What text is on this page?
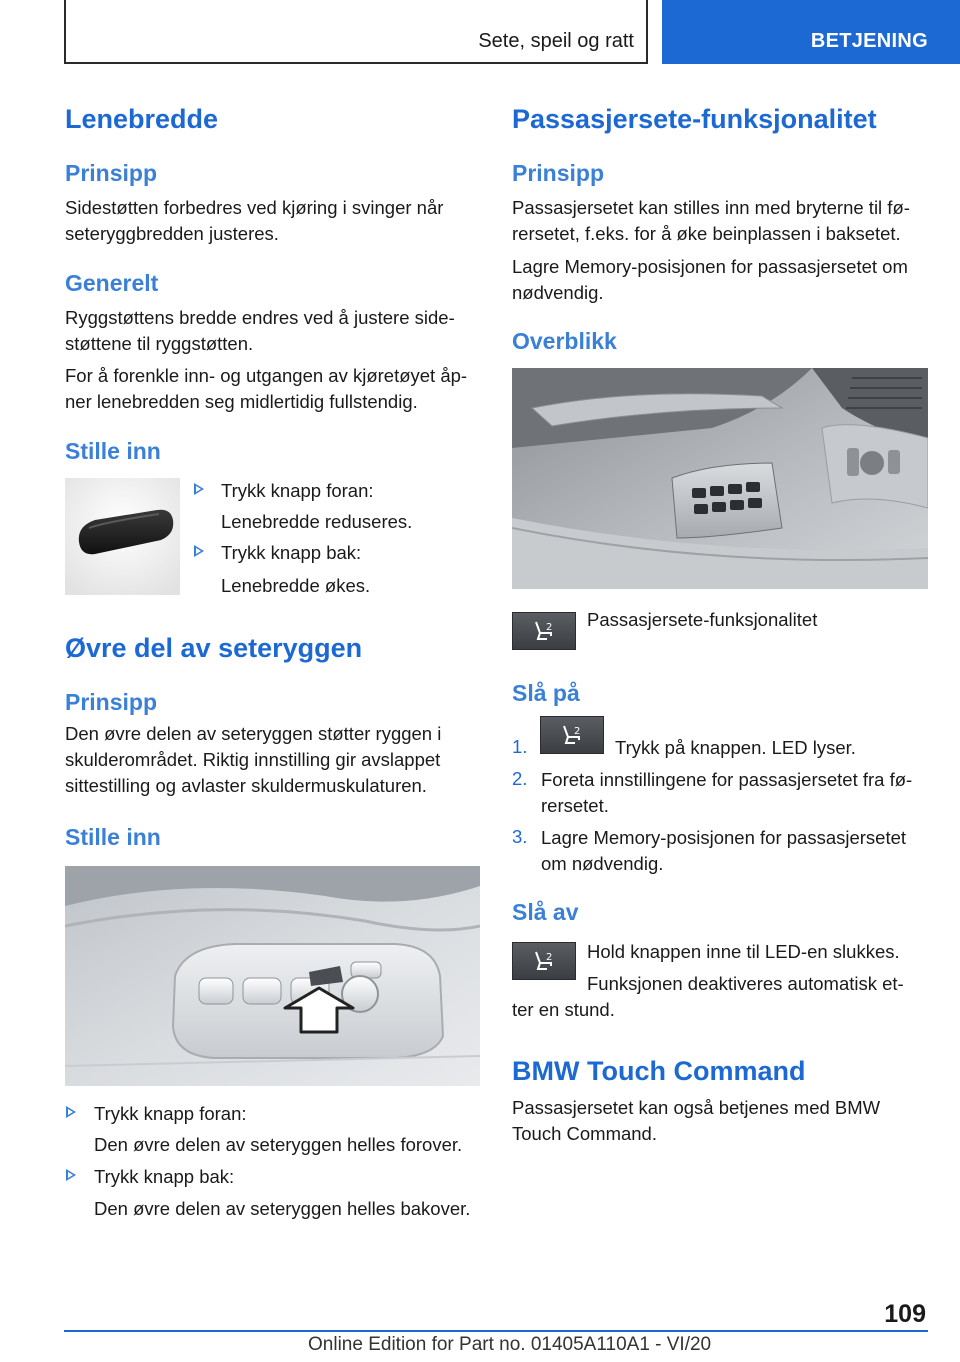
Sete, speil og ratt	BETJENING
Lenebredde
Prinsipp
Sidestøtten forbedres ved kjøring i svinger når
seteryggbredden justeres.
Generelt
Ryggstøttens bredde endres ved å justere side-
støttene til ryggstøtten.
For å forenkle inn- og utgangen av kjøretøyet åp-
ner lenebredden seg midlertidig fullstendig.
Stille inn
Trykk knapp foran:
Lenebredde reduseres.
Trykk knapp bak:
Lenebredde økes.
Øvre del av seteryggen
Prinsipp
Den øvre delen av seteryggen støtter ryggen i
skulderområdet. Riktig innstilling gir avslappet
sittestilling og avlaster skuldermuskulaturen.
Stille inn
Trykk knapp foran:
Den øvre delen av seteryggen helles forover.
Trykk knapp bak:
Den øvre delen av seteryggen helles bakover.
Passasjersete-funksjonalitet
Prinsipp
Passasjersetet kan stilles inn med bryterne til fø-
rersetet, f.eks. for å øke beinplassen i baksetet.
Lagre Memory-posisjonen for passasjersetet om
nødvendig.
Overblikk
2 Passasjersete-funksjonalitet
Slå på
1.
2
Trykk på knappen. LED lyser.
2. Foreta innstillingene for passasjersetet fra fø-
rersetet.
3. Lagre Memory-posisjonen for passasjersetet
om nødvendig.
Slå av
2 Hold knappen inne til LED-en slukkes.
Funksjonen deaktiveres automatisk et-
ter en stund.
BMW Touch Command
Passasjersetet kan også betjenes med BMW
Touch Command.
109
Online Edition for Part no. 01405A110A1 - VI/20
